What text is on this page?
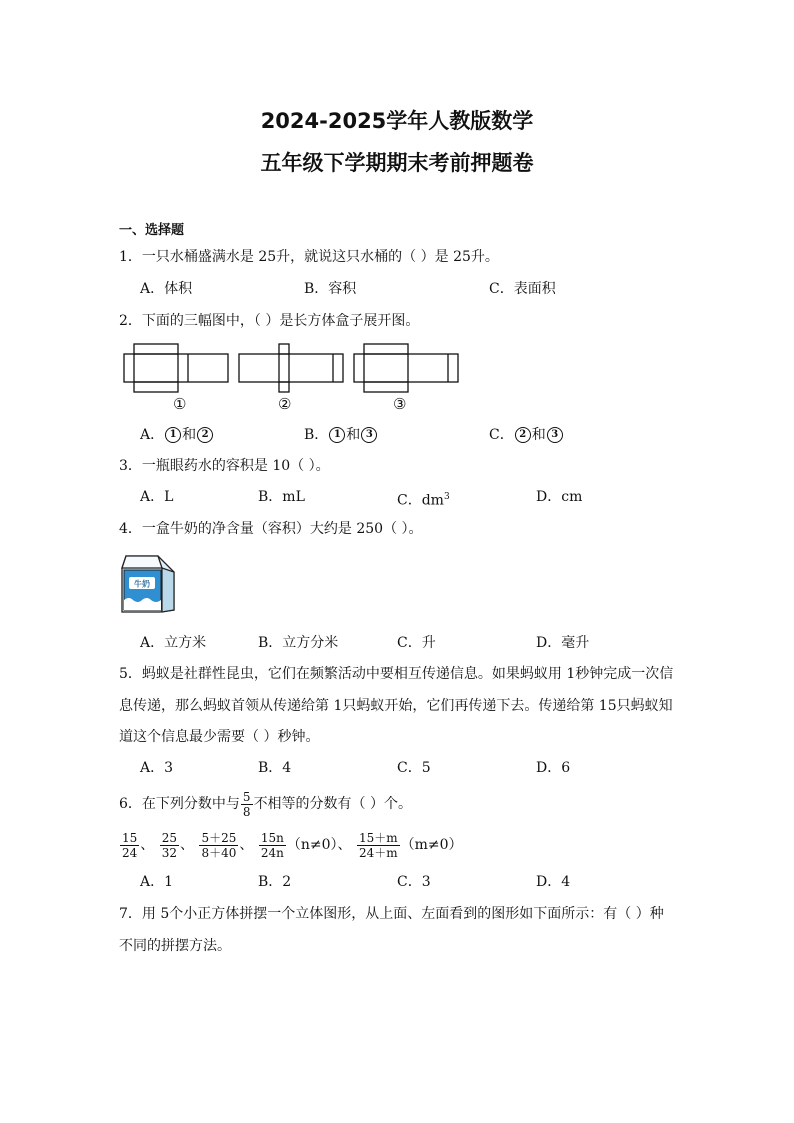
2024-2025学年人教版数学
五年级下学期期末考前押题卷
一、选择题
1．一只水桶盛满水是 25升，就说这只水桶的（ ）是 25升。
A．体积	B．容积	C．表面积
2．下面的三幅图中，（ ）是长方体盒子展开图。
①	②	③
A． 1 和 2	B． 1 和 3	C． 2 和 3
3．一瓶眼药水的容积是 10（ ）。
A．L	B．mL	C．$dm^3$	D．cm
4．一盒牛奶的净含量（容积）大约是 250（ ）。
牛奶
A．立方米	B．立方分米	C．升	D．毫升
5．蚂蚁是社群性昆虫，它们在频繁活动中要相互传递信息。如果蚂蚁用 1秒钟完成一次信
息传递，那么蚂蚁首领从传递给第 1只蚂蚁开始，它们再传递下去。传递给第 15只蚂蚁知
道这个信息最少需要（ ）秒钟。
A．3	B．4	C．5	D．6
6．在下列分数中与 $\frac{5}{8}$ 不相等的分数有（ ）个。
$\frac{15}{24}$ 、 $\frac{25}{32}$ 、 $\frac{5+25}{8+40}$ 、 $\frac{15n}{24n} (n\ne 0)$、 $\frac{15+m}{24+m} (m\ne 0)$
A．1	B．2	C．3	D．4
7．用 5个小正方体拼摆一个立体图形，从上面、左面看到的图形如下面所示：有（ ）种
不同的拼摆方法。
